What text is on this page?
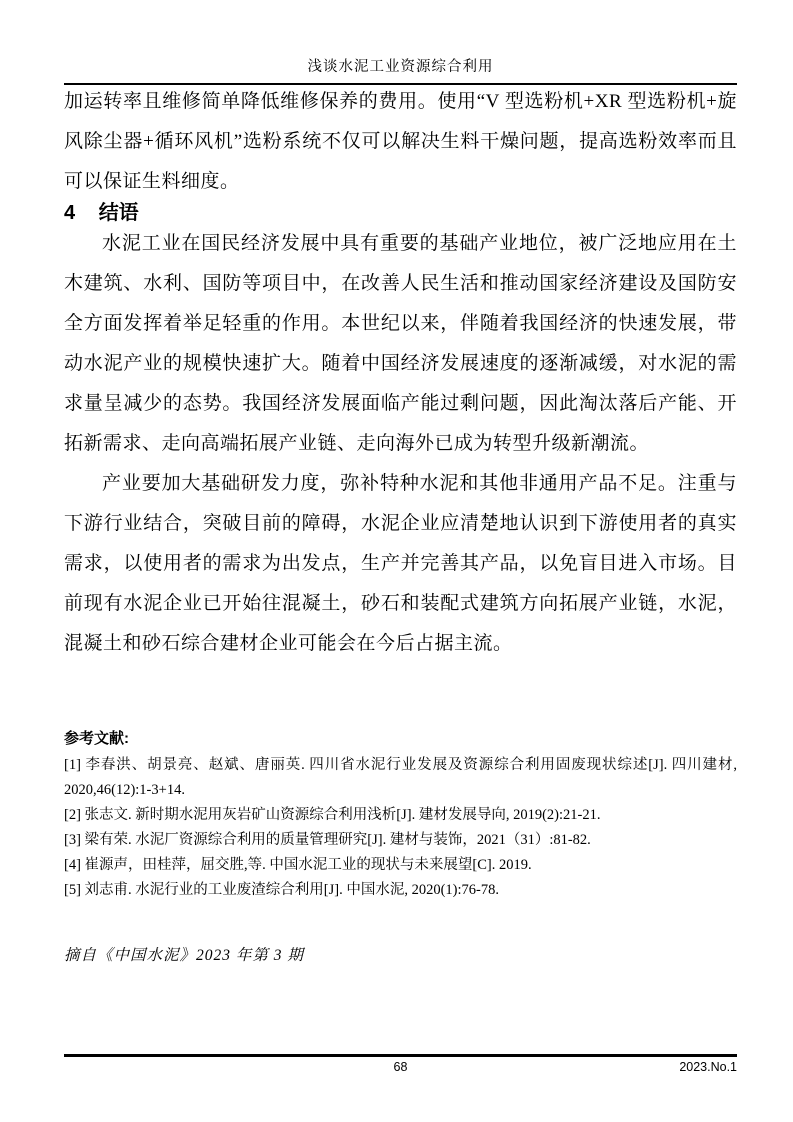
浅谈水泥工业资源综合利用

加运转率且维修简单降低维修保养的费用。使用“V 型选粉机+XR 型选粉机+旋风除尘器+循环风机”选粉系统不仅可以解决生料干燥问题，提高选粉效率而且可以保证生料细度。

4 结语

水泥工业在国民经济发展中具有重要的基础产业地位，被广泛地应用在土木建筑、水利、国防等项目中，在改善人民生活和推动国家经济建设及国防安全方面发挥着举足轻重的作用。本世纪以来，伴随着我国经济的快速发展，带动水泥产业的规模快速扩大。随着中国经济发展速度的逐渐减缓，对水泥的需求量呈减少的态势。我国经济发展面临产能过剩问题，因此淘汰落后产能、开拓新需求、走向高端拓展产业链、走向海外已成为转型升级新潮流。

产业要加大基础研发力度，弥补特种水泥和其他非通用产品不足。注重与下游行业结合，突破目前的障碍，水泥企业应清楚地认识到下游使用者的真实需求，以使用者的需求为出发点，生产并完善其产品，以免盲目进入市场。目前现有水泥企业已开始往混凝土，砂石和装配式建筑方向拓展产业链，水泥，混凝土和砂石综合建材企业可能会在今后占据主流。

参考文献:

[1] 李春洪、胡景亮、赵斌、唐丽英. 四川省水泥行业发展及资源综合利用固废现状综述[J]. 四川建材, 2020,46(12):1-3+14.

[2] 张志文. 新时期水泥用灰岩矿山资源综合利用浅析[J]. 建材发展导向, 2019(2):21-21.

[3] 梁有荣. 水泥厂资源综合利用的质量管理研究[J]. 建材与装饰，2021（31）:81-82.

[4] 崔源声，田桂萍，屈交胜,等. 中国水泥工业的现状与未来展望[C]. 2019.

[5] 刘志甫. 水泥行业的工业废渣综合利用[J]. 中国水泥, 2020(1):76-78.

摘自《中国水泥》2023 年第 3 期

68	2023.No.1
